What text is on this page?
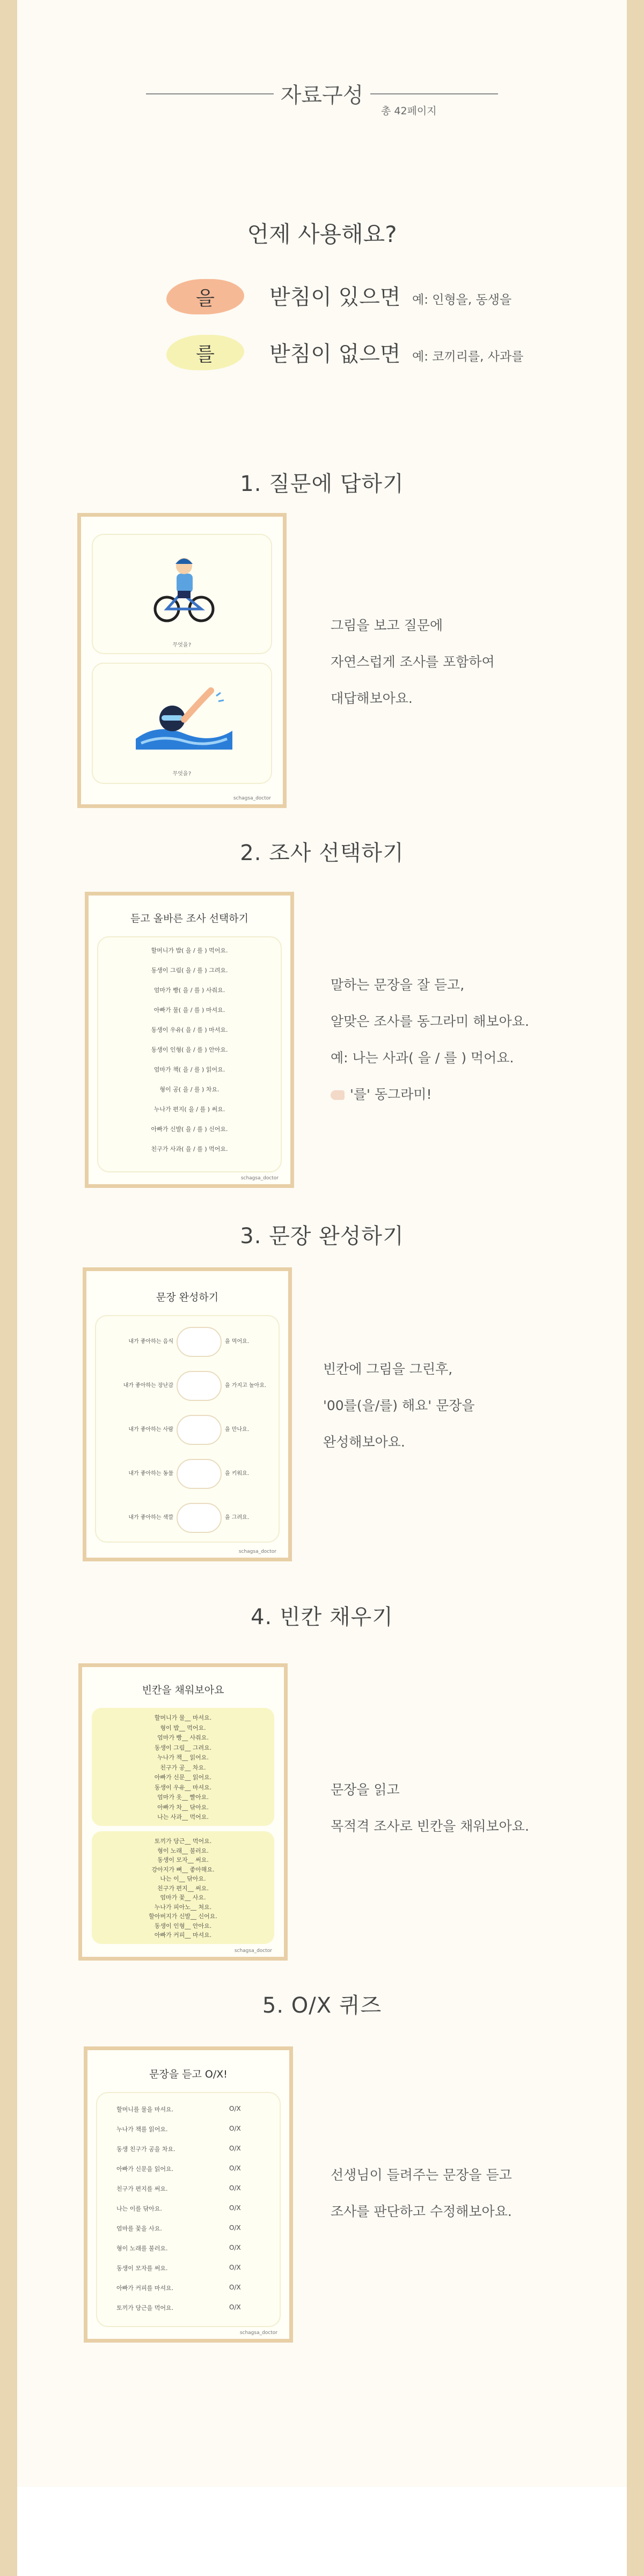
자료구성
총 42페이지
언제 사용해요?
을	받침이 있으면 예: 인형을, 동생을
를	받침이 없으면 예: 코끼리를, 사과를
1. 질문에 답하기
무엇을?
무엇을?
schagsa_doctor
그림을 보고 질문에
자연스럽게 조사를 포함하여
대답해보아요.
2. 조사 선택하기
듣고 올바른 조사 선택하기
할머니가 밥( 을 / 를 ) 먹어요.
동생이 그림( 을 / 를 ) 그려요.
엄마가 빵( 을 / 를 ) 사줘요.
아빠가 물( 을 / 를 ) 마셔요.
동생이 우유( 을 / 를 ) 마셔요.
동생이 인형( 을 / 를 ) 안아요.
엄마가 책( 을 / 를 ) 읽어요.
형이 공( 을 / 를 ) 차요.
누나가 편지( 을 / 를 ) 써요.
아빠가 신발( 을 / 를 ) 신어요.
친구가 사과( 을 / 를 ) 먹어요.
schagsa_doctor
말하는 문장을 잘 듣고,
알맞은 조사를 동그라미 해보아요.
예: 나는 사과( 을 / 를 ) 먹어요.
'를' 동그라미!
3. 문장 완성하기
문장 완성하기
내가 좋아하는 음식	을 먹어요.
내가 좋아하는 장난감	을 가지고 놀아요.
내가 좋아하는 사람	을 만나요.
내가 좋아하는 동물	을 키워요.
내가 좋아하는 색깔	을 그려요.
schagsa_doctor
빈칸에 그림을 그린후,
'00를(을/를) 해요' 문장을
완성해보아요.
4. 빈칸 채우기
빈칸을 채워보아요
할머니가 물__ 마셔요.
형이 밥__ 먹어요.
엄마가 빵__ 사줘요.
동생이 그림__ 그려요.
누나가 책__ 읽어요.
친구가 공__ 차요.
아빠가 신문__ 읽어요.
동생이 우유__ 마셔요.
엄마가 옷__ 빨아요.
아빠가 차__ 닦아요.
나는 사과__ 먹어요.
토끼가 당근__ 먹어요.
형이 노래__ 불러요.
동생이 모자__ 써요.
강아지가 뼈__ 좋아해요.
나는 이__ 닦아요.
친구가 편지__ 써요.
엄마가 꽃__ 사요.
누나가 피아노__ 쳐요.
할아버지가 신발__ 신어요.
동생이 인형__ 안아요.
아빠가 커피__ 마셔요.
schagsa_doctor
문장을 읽고
목적격 조사로 빈칸을 채워보아요.
5. O/X 퀴즈
문장을 듣고 O/X!
할머니를 물을 마셔요.	O/X
누나가 책를 읽어요.	O/X
동생 친구가 공을 차요.	O/X
아빠가 신문을 읽어요.	O/X
친구가 편지를 써요.	O/X
나는 이를 닦아요.	O/X
엄마를 꽃을 사요.	O/X
형이 노래를 불러요.	O/X
동생이 모자를 써요.	O/X
아빠가 커피를 마셔요.	O/X
토끼가 당근을 먹어요.	O/X
schagsa_doctor
선생님이 들려주는 문장을 듣고
조사를 판단하고 수정해보아요.
